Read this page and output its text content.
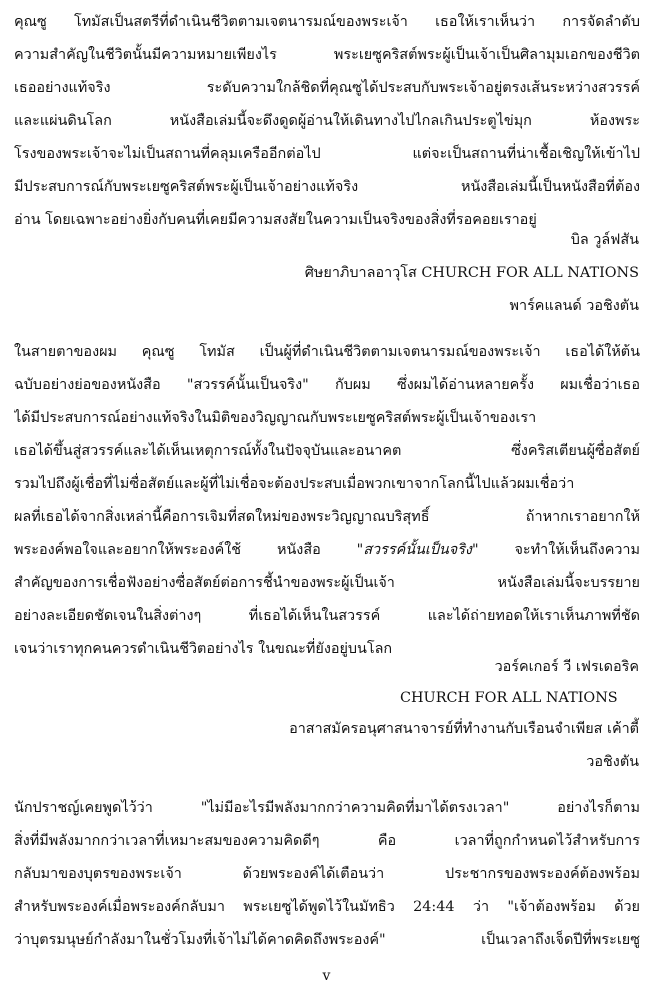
คุณซู โทมัสเป็นสตรีที่ดำเนินชีวิตตามเจตนารมณ์ของพระเจ้า เธอให้เราเห็นว่า การจัดลำดับ
ความสำคัญในชีวิตนั้นมีความหมายเพียงไร พระเยซูคริสต์พระผู้เป็นเจ้าเป็นศิลามุมเอกของชีวิต
เธออย่างแท้จริง ระดับความใกล้ชิดที่คุณซูได้ประสบกับพระเจ้าอยู่ตรงเส้นระหว่างสวรรค์
และแผ่นดินโลก หนังสือเล่มนี้จะดึงดูดผู้อ่านให้เดินทางไปไกลเกินประตูไข่มุก ห้องพระ
โรงของพระเจ้าจะไม่เป็นสถานที่คลุมเครืออีกต่อไป แต่จะเป็นสถานที่น่าเชื้อเชิญให้เข้าไป
มีประสบการณ์กับพระเยซูคริสต์พระผู้เป็นเจ้าอย่างแท้จริง หนังสือเล่มนี้เป็นหนังสือที่ต้อง
อ่าน โดยเฉพาะอย่างยิ่งกับคนที่เคยมีความสงสัยในความเป็นจริงของสิ่งที่รอคอยเราอยู่
บิล วูล์ฟสัน
ศิษยาภิบาลอาวุโส CHURCH FOR ALL NATIONS
พาร์คแลนด์ วอชิงตัน
ในสายตาของผม คุณซู โทมัส เป็นผู้ที่ดำเนินชีวิตตามเจตนารมณ์ของพระเจ้า เธอได้ให้ต้น
ฉบับอย่างย่อของหนังสือ "สวรรค์นั้นเป็นจริง" กับผม ซึ่งผมได้อ่านหลายครั้ง ผมเชื่อว่าเธอ
ได้มีประสบการณ์อย่างแท้จริงในมิติของวิญญาณกับพระเยซูคริสต์พระผู้เป็นเจ้าของเรา
เธอได้ขึ้นสู่สวรรค์และได้เห็นเหตุการณ์ทั้งในปัจจุบันและอนาคต ซึ่งคริสเตียนผู้ซื่อสัตย์
รวมไปถึงผู้เชื่อที่ไม่ซื่อสัตย์และผู้ที่ไม่เชื่อจะต้องประสบเมื่อพวกเขาจากโลกนี้ไปแล้วผมเชื่อว่า
ผลที่เธอได้จากสิ่งเหล่านี้คือการเจิมที่สดใหม่ของพระวิญญาณบริสุทธิ์ ถ้าหากเราอยากให้
พระองค์พอใจและอยากให้พระองค์ใช้ หนังสือ "สวรรค์นั้นเป็นจริง" จะทำให้เห็นถึงความ
สำคัญของการเชื่อฟังอย่างซื่อสัตย์ต่อการชี้นำของพระผู้เป็นเจ้า หนังสือเล่มนี้จะบรรยาย
อย่างละเอียดชัดเจนในสิ่งต่างๆ ที่เธอได้เห็นในสวรรค์ และได้ถ่ายทอดให้เราเห็นภาพที่ชัด
เจนว่าเราทุกคนควรดำเนินชีวิตอย่างไร ในขณะที่ยังอยู่บนโลก
วอร์คเกอร์ วี เฟรเดอริค
CHURCH FOR ALL NATIONS
อาสาสมัครอนุศาสนาจารย์ที่ทำงานกับเรือนจำเพียส เค้าตี้
วอชิงตัน
นักปราชญ์เคยพูดไว้ว่า "ไม่มีอะไรมีพลังมากกว่าความคิดที่มาได้ตรงเวลา" อย่างไรก็ตาม
สิ่งที่มีพลังมากกว่าเวลาที่เหมาะสมของความคิดดีๆ คือ เวลาที่ถูกกำหนดไว้สำหรับการ
กลับมาของบุตรของพระเจ้า ด้วยพระองค์ได้เตือนว่า ประชากรของพระองค์ต้องพร้อม
สำหรับพระองค์เมื่อพระองค์กลับมา พระเยซูได้พูดไว้ในมัทธิว 24:44 ว่า "เจ้าต้องพร้อม ด้วย
ว่าบุตรมนุษย์กำลังมาในชั่วโมงที่เจ้าไม่ได้คาดคิดถึงพระองค์" เป็นเวลาถึงเจ็ดปีที่พระเยซู
v
